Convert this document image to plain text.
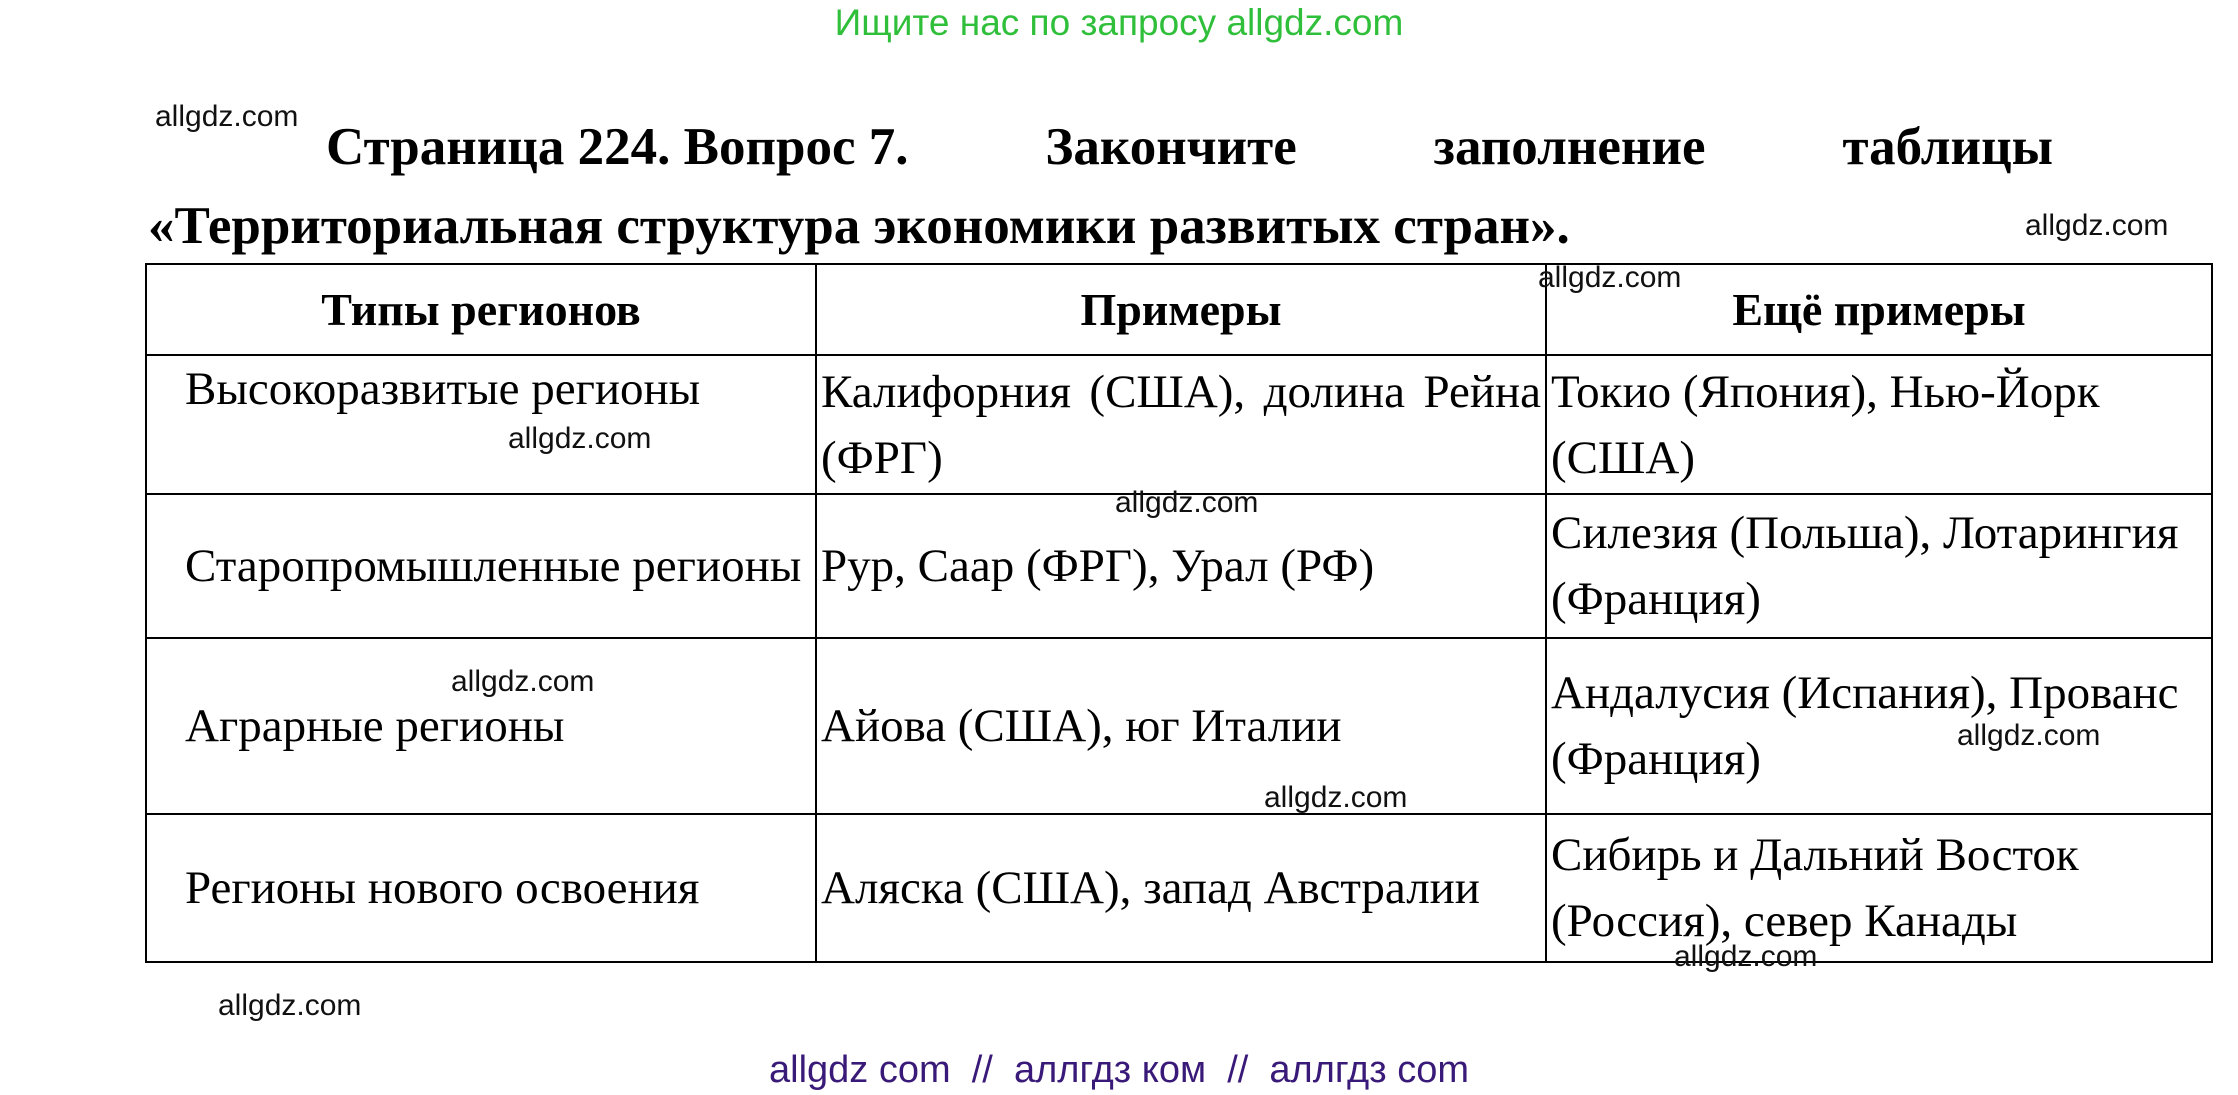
Ищите нас по запросу allgdz.com
Страница 224. Вопрос 7.	Закончите	заполнение	таблицы
«Территориальная структура экономики развитых стран».
Типы регионов	Примеры	Ещё примеры
Высокоразвитые регионы	Калифорния (США), долина Рейна (ФРГ)	Токио (Япония), Нью-Йорк (США)
Старопромышленные регионы	Рур, Саар (ФРГ), Урал (РФ)	Силезия (Польша), Лотарингия (Франция)
Аграрные регионы	Айова (США), юг Италии	Андалусия (Испания), Прованс (Франция)
Регионы нового освоения	Аляска (США), запад Австралии	Сибирь и Дальний Восток (Россия), север Канады
allgdz.com
allgdz.com
allgdz.com
allgdz.com
allgdz.com
allgdz.com
allgdz.com
allgdz.com
allgdz.com
allgdz.com
allgdz com  //  аллгдз ком  //  аллгдз com
